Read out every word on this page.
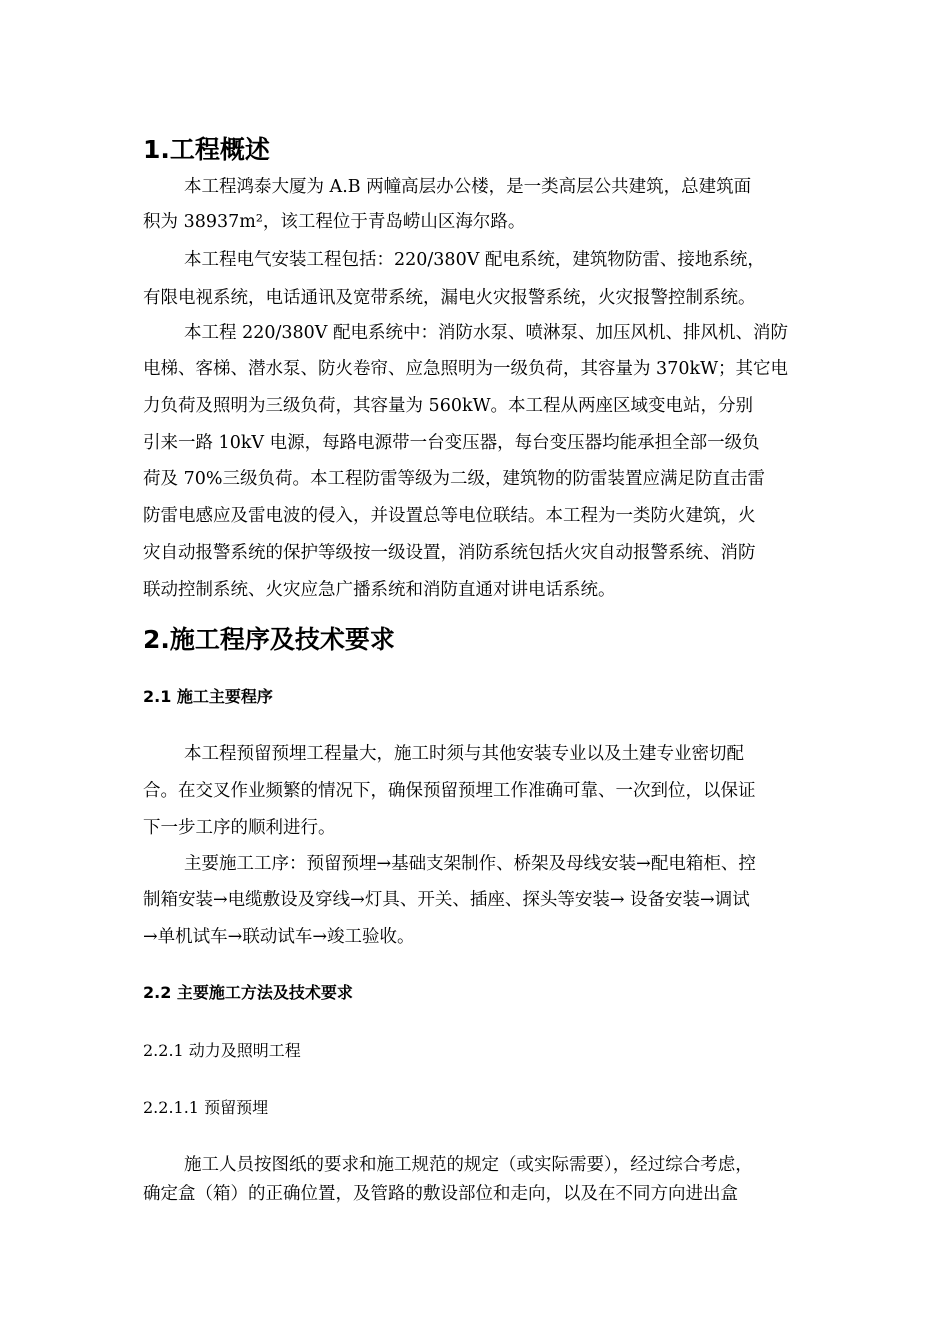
1.工程概述
本工程鸿泰大厦为 A.B 两幢高层办公楼，是一类高层公共建筑，总建筑面
积为 38937m²，该工程位于青岛崂山区海尔路。
本工程电气安装工程包括：220/380V 配电系统，建筑物防雷、接地系统，
有限电视系统，电话通讯及宽带系统，漏电火灾报警系统，火灾报警控制系统。
本工程 220/380V 配电系统中：消防水泵、喷淋泵、加压风机、排风机、消防
电梯、客梯、潜水泵、防火卷帘、应急照明为一级负荷，其容量为 370kW；其它电
力负荷及照明为三级负荷，其容量为 560kW。本工程从两座区域变电站，分别
引来一路 10kV 电源，每路电源带一台变压器，每台变压器均能承担全部一级负
荷及 70%三级负荷。本工程防雷等级为二级，建筑物的防雷装置应满足防直击雷
防雷电感应及雷电波的侵入，并设置总等电位联结。本工程为一类防火建筑，火
灾自动报警系统的保护等级按一级设置，消防系统包括火灾自动报警系统、消防
联动控制系统、火灾应急广播系统和消防直通对讲电话系统。
2.施工程序及技术要求
2.1 施工主要程序
本工程预留预埋工程量大，施工时须与其他安装专业以及土建专业密切配
合。在交叉作业频繁的情况下，确保预留预埋工作准确可靠、一次到位，以保证
下一步工序的顺利进行。
主要施工工序：预留预埋→基础支架制作、桥架及母线安装→配电箱柜、控
制箱安装→电缆敷设及穿线→灯具、开关、插座、探头等安装→ 设备安装→调试
→单机试车→联动试车→竣工验收。
2.2 主要施工方法及技术要求
2.2.1 动力及照明工程
2.2.1.1 预留预埋
施工人员按图纸的要求和施工规范的规定（或实际需要），经过综合考虑，
确定盒（箱）的正确位置，及管路的敷设部位和走向，以及在不同方向进出盒
